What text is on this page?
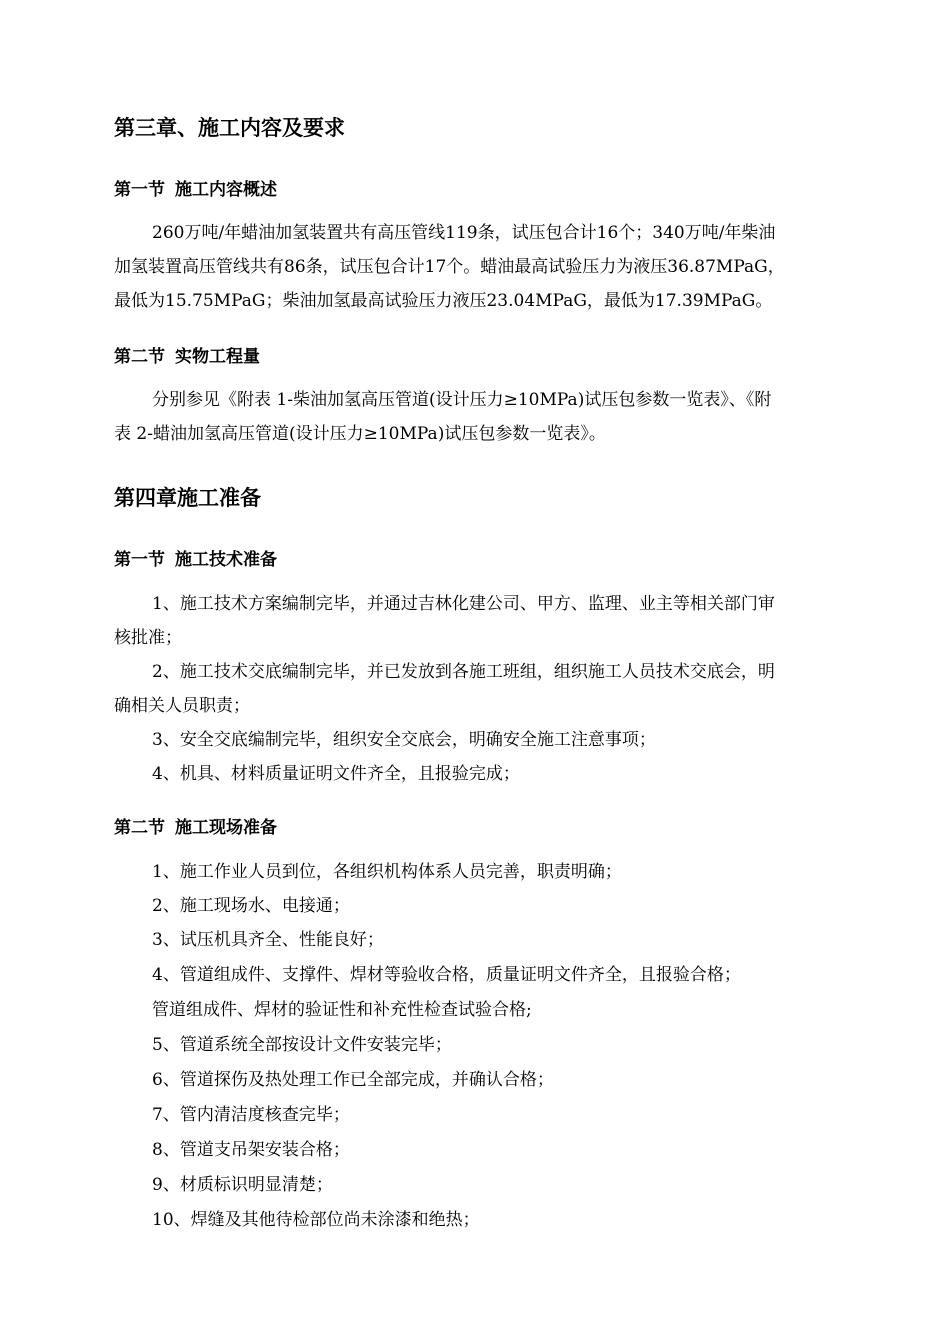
第三章、施工内容及要求
第一节 施工内容概述
260万吨/年蜡油加氢装置共有高压管线119条，试压包合计16个；340万吨/年柴油
加氢装置高压管线共有86条，试压包合计17个。蜡油最高试验压力为液压36.87MPaG，
最低为15.75MPaG；柴油加氢最高试验压力液压23.04MPaG，最低为17.39MPaG。
第二节 实物工程量
分别参见《附表 1-柴油加氢高压管道(设计压力≥10MPa)试压包参数一览表》、《附
表 2-蜡油加氢高压管道(设计压力≥10MPa)试压包参数一览表》。
第四章施工准备
第一节 施工技术准备
1、施工技术方案编制完毕，并通过吉林化建公司、甲方、监理、业主等相关部门审
核批准；
2、施工技术交底编制完毕，并已发放到各施工班组，组织施工人员技术交底会，明
确相关人员职责；
3、安全交底编制完毕，组织安全交底会，明确安全施工注意事项；
4、机具、材料质量证明文件齐全，且报验完成；
第二节 施工现场准备
1、施工作业人员到位，各组织机构体系人员完善，职责明确；
2、施工现场水、电接通；
3、试压机具齐全、性能良好；
4、管道组成件、支撑件、焊材等验收合格，质量证明文件齐全，且报验合格；
管道组成件、焊材的验证性和补充性检查试验合格;
5、管道系统全部按设计文件安装完毕；
6、管道探伤及热处理工作已全部完成，并确认合格；
7、管内清洁度核查完毕；
8、管道支吊架安装合格；
9、材质标识明显清楚；
10、焊缝及其他待检部位尚未涂漆和绝热；
